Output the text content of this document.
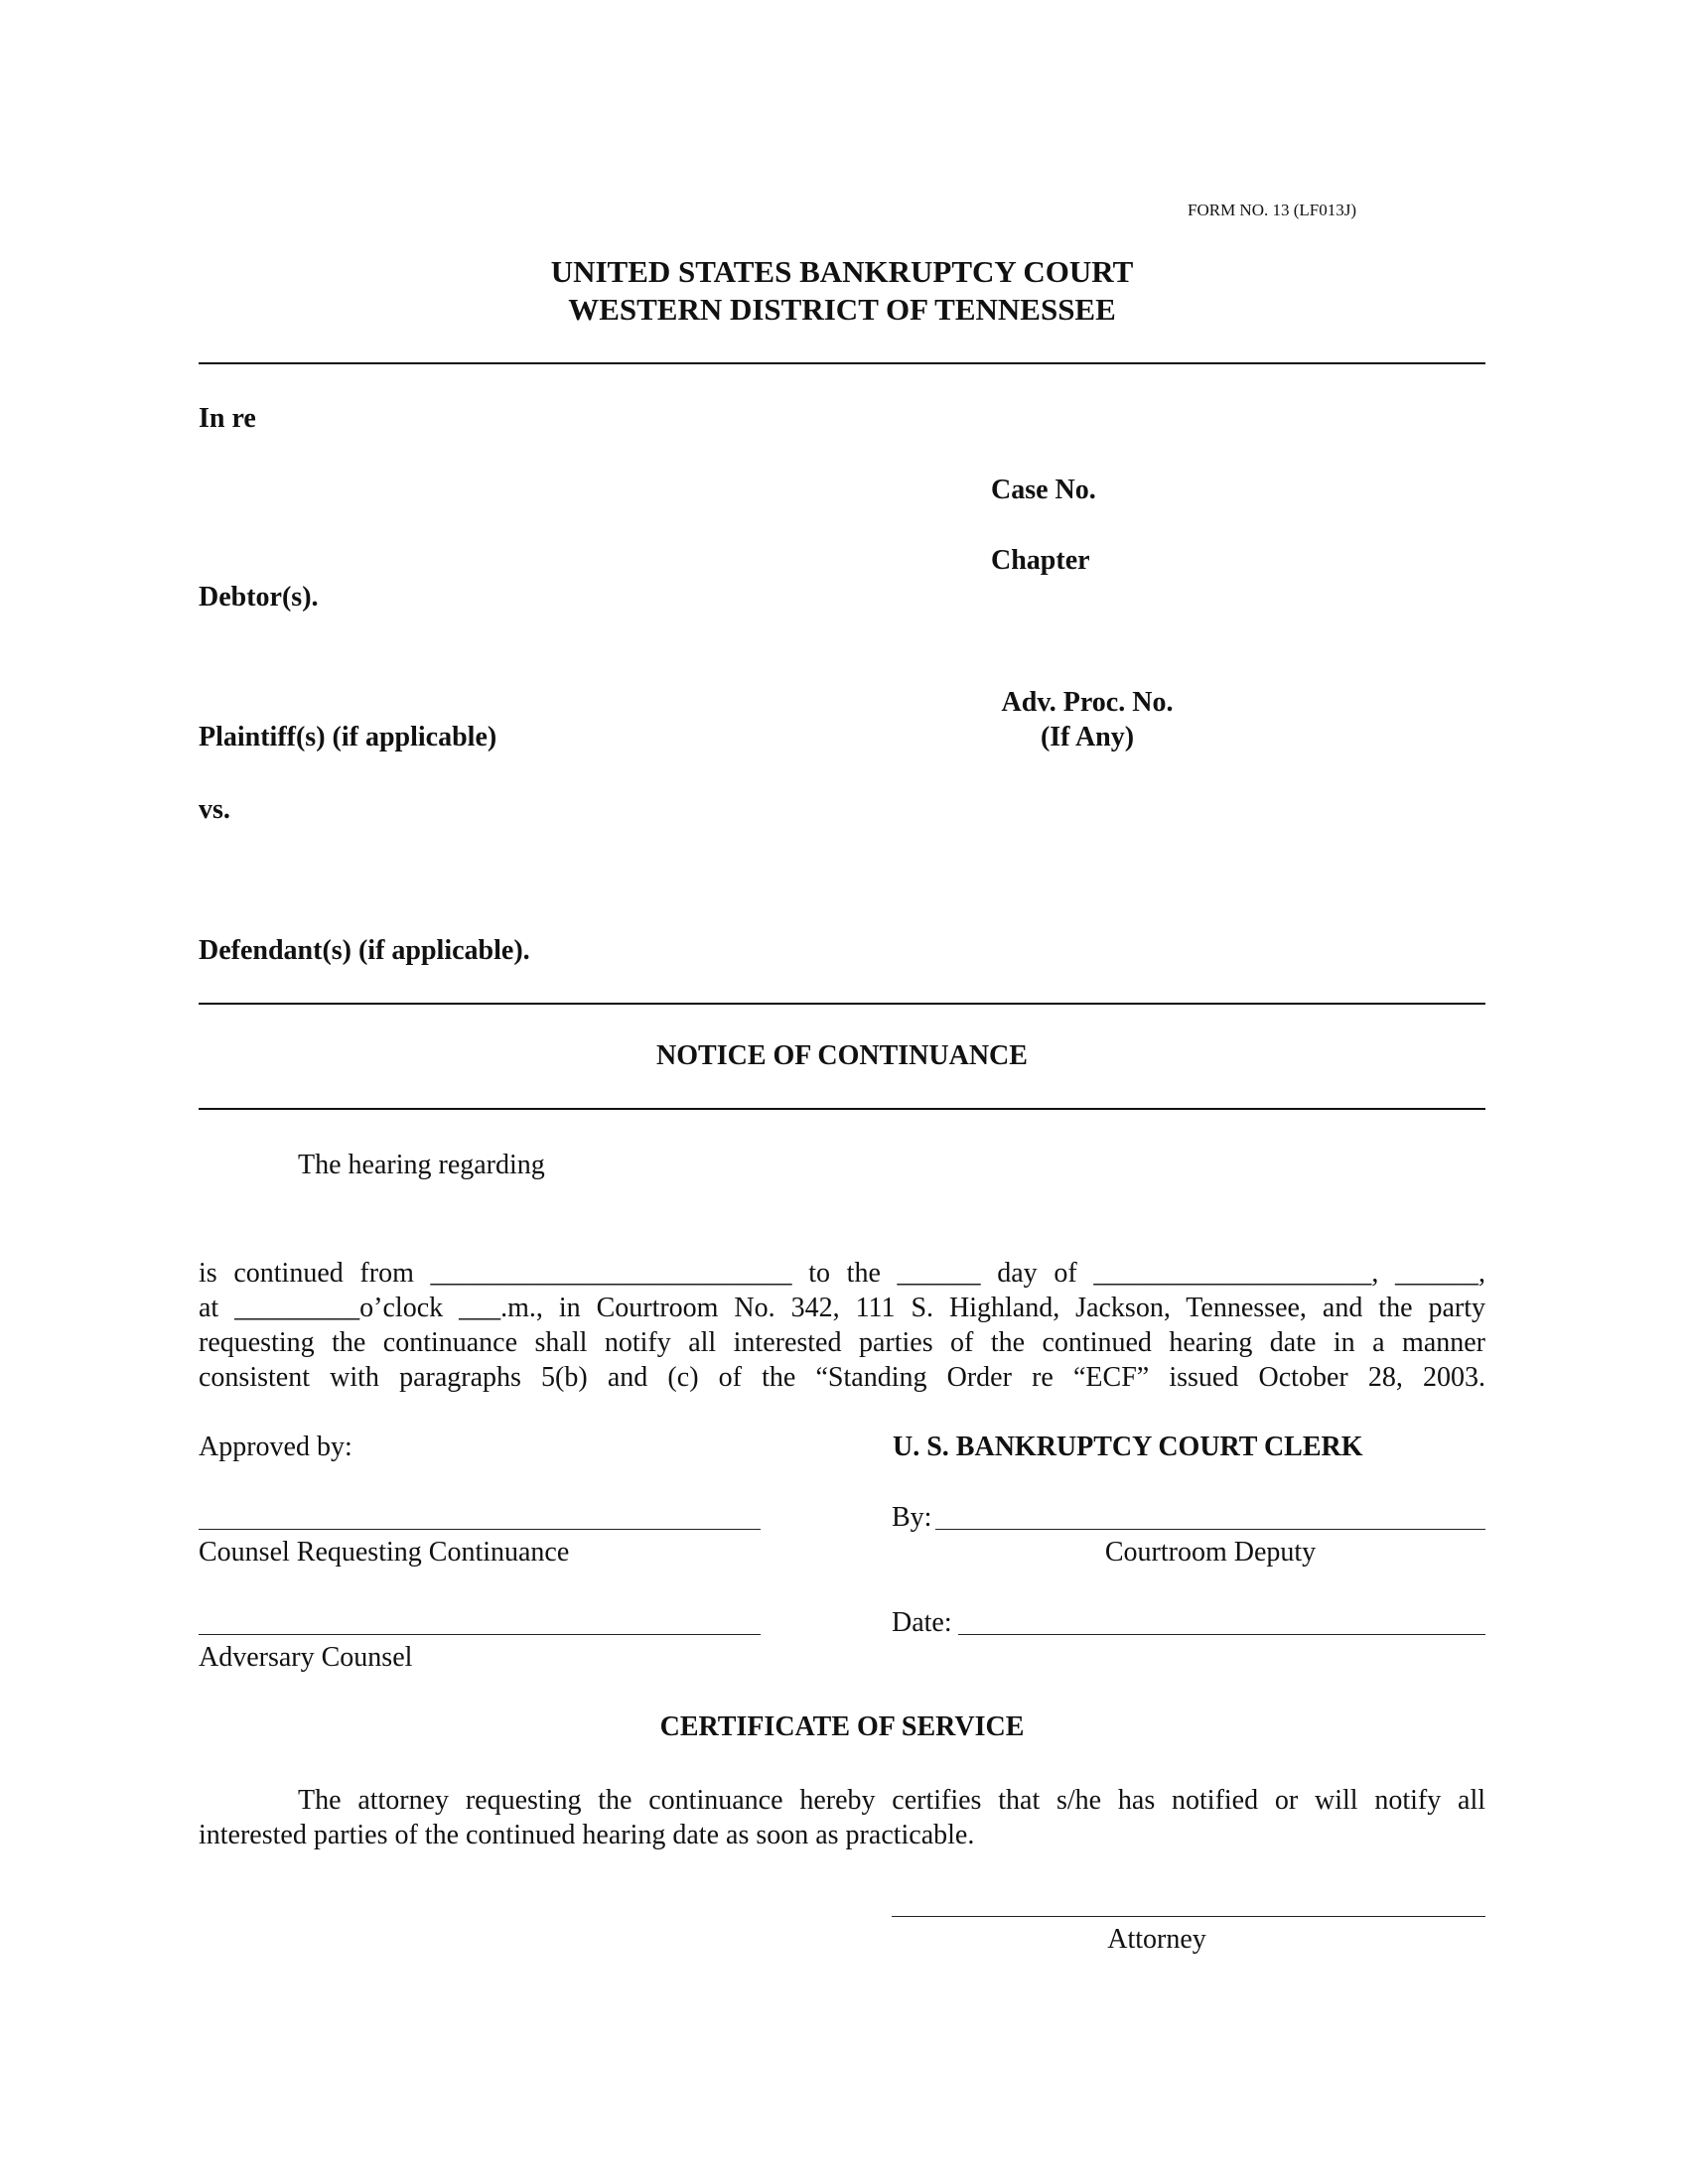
FORM NO. 13 (LF013J)
UNITED STATES BANKRUPTCY COURT
WESTERN DISTRICT OF TENNESSEE
In re
Case No.
Chapter
Debtor(s).
Adv. Proc. No.
(If Any)
Plaintiff(s) (if applicable)
vs.
Defendant(s) (if applicable).
NOTICE OF CONTINUANCE
The hearing regarding
is continued from __________________________ to the ______ day of ____________________, ______,
at _________o’clock ___.m., in Courtroom No. 342, 111 S. Highland, Jackson, Tennessee, and the party
requesting the continuance shall notify all interested parties of the continued hearing date in a manner
consistent with paragraphs 5(b) and (c) of the “Standing Order re “ECF” issued October 28, 2003.
Approved by:	U. S. BANKRUPTCY COURT CLERK
Counsel Requesting Continuance
By:
Courtroom Deputy
Adversary Counsel
Date:
CERTIFICATE OF SERVICE
The attorney requesting the continuance hereby certifies that s/he has notified or will notify all
interested parties of the continued hearing date as soon as practicable.
Attorney
